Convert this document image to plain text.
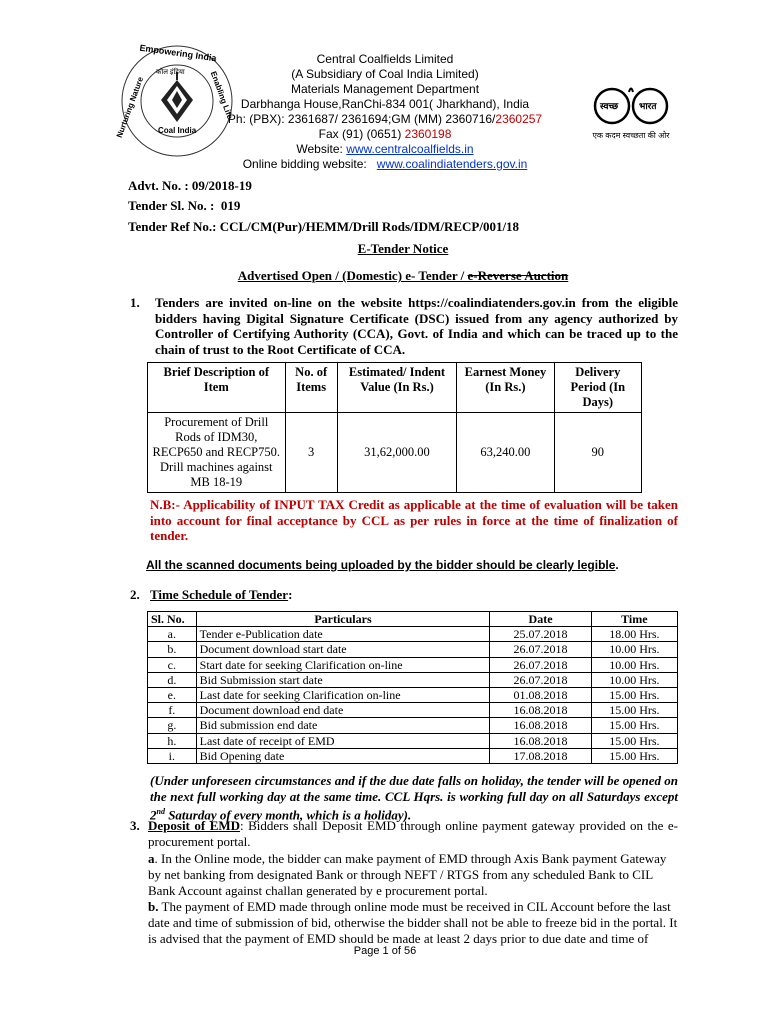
Empowering India
Nurturing Nature	Enabling Life
कोल इंडिया
Coal India
Central Coalfields Limited
(A Subsidiary of Coal India Limited)
Materials Management Department
Darbhanga House,RanChi-834 001( Jharkhand), India
Ph: (PBX): 2361687/ 2361694;GM (MM) 2360716/2360257
Fax (91) (0651) 2360198
Website: www.centralcoalfields.in
Online bidding website:   www.coalindiatenders.gov.in
स्वच्छ भारत
एक कदम स्वच्छता की ओर
Advt. No. : 09/2018-19
Tender Sl. No. :  019
Tender Ref No.: CCL/CM(Pur)/HEMM/Drill Rods/IDM/RECP/001/18
E-Tender Notice
Advertised Open / (Domestic) e- Tender / e-Reverse Auction
1. Tenders are invited on-line on the website https://coalindiatenders.gov.in from the eligible bidders having Digital Signature Certificate (DSC) issued from any agency authorized by Controller of Certifying Authority (CCA), Govt. of India and which can be traced up to the chain of trust to the Root Certificate of CCA.
Brief Description of Item	No. of Items	Estimated/ Indent Value (In Rs.)	Earnest Money (In Rs.)	Delivery Period (In Days)
Procurement of Drill Rods of IDM30, RECP650 and RECP750. Drill machines against MB 18-19	3	31,62,000.00	63,240.00	90
N.B:- Applicability of INPUT TAX Credit as applicable at the time of evaluation will be taken into account for final acceptance by CCL as per rules in force at the time of finalization of tender.
All the scanned documents being uploaded by the bidder should be clearly legible.
2. Time Schedule of Tender:
Sl. No.	Particulars	Date	Time
a.	Tender e-Publication date	25.07.2018	18.00 Hrs.
b.	Document download start date	26.07.2018	10.00 Hrs.
c.	Start date for seeking Clarification on-line	26.07.2018	10.00 Hrs.
d.	Bid Submission start date	26.07.2018	10.00 Hrs.
e.	Last date for seeking Clarification on-line	01.08.2018	15.00 Hrs.
f.	Document download end date	16.08.2018	15.00 Hrs.
g.	Bid submission end date	16.08.2018	15.00 Hrs.
h.	Last date of receipt of EMD	16.08.2018	15.00 Hrs.
i.	Bid Opening date	17.08.2018	15.00 Hrs.
(Under unforeseen circumstances and if the due date falls on holiday, the tender will be opened on the next full working day at the same time. CCL Hqrs. is working full day on all Saturdays except 2nd Saturday of every month, which is a holiday).
3. Deposit of EMD: Bidders shall Deposit EMD through online payment gateway provided on the e-procurement portal.
a. In the Online mode, the bidder can make payment of EMD through Axis Bank payment Gateway by net banking from designated Bank or through NEFT / RTGS from any scheduled Bank to CIL Bank Account against challan generated by e procurement portal.
b. The payment of EMD made through online mode must be received in CIL Account before the last date and time of submission of bid, otherwise the bidder shall not be able to freeze bid in the portal. It is advised that the payment of EMD should be made at least 2 days prior to due date and time of
Page 1 of 56
